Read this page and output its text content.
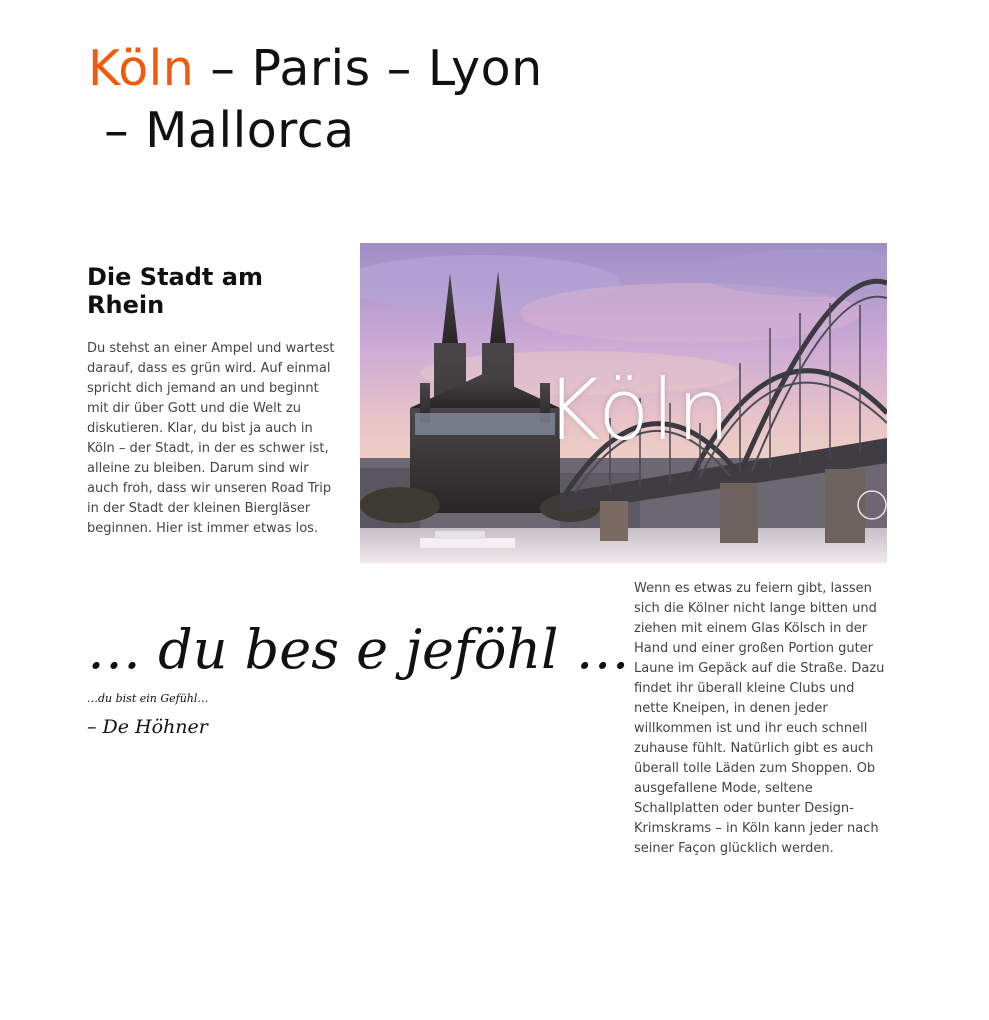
Köln – Paris – Lyon – Mallorca
Die Stadt am Rhein

Du stehst an einer Ampel und wartest darauf, dass es grün wird. Auf einmal spricht dich jemand an und beginnt mit dir über Gott und die Welt zu diskutieren. Klar, du bist ja auch in Köln – der Stadt, in der es schwer ist, alleine zu bleiben. Darum sind wir auch froh, dass wir unseren Road Trip in der Stadt der kleinen Biergläser beginnen. Hier ist immer etwas los.

Köln

Wenn es etwas zu feiern gibt, lassen sich die Kölner nicht lange bitten und ziehen mit einem Glas Kölsch in der Hand und einer großen Portion guter Laune im Gepäck auf die Straße. Dazu findet ihr überall kleine Clubs und nette Kneipen, in denen jeder willkommen ist und ihr euch schnell zuhause fühlt. Natürlich gibt es auch überall tolle Läden zum Shoppen. Ob ausgefallene Mode, seltene Schallplatten oder bunter Design-Krimskrams – in Köln kann jeder nach seiner Façon glücklich werden.

… du bes e jeföhl …

…du bist ein Gefühl…

– De Höhner
